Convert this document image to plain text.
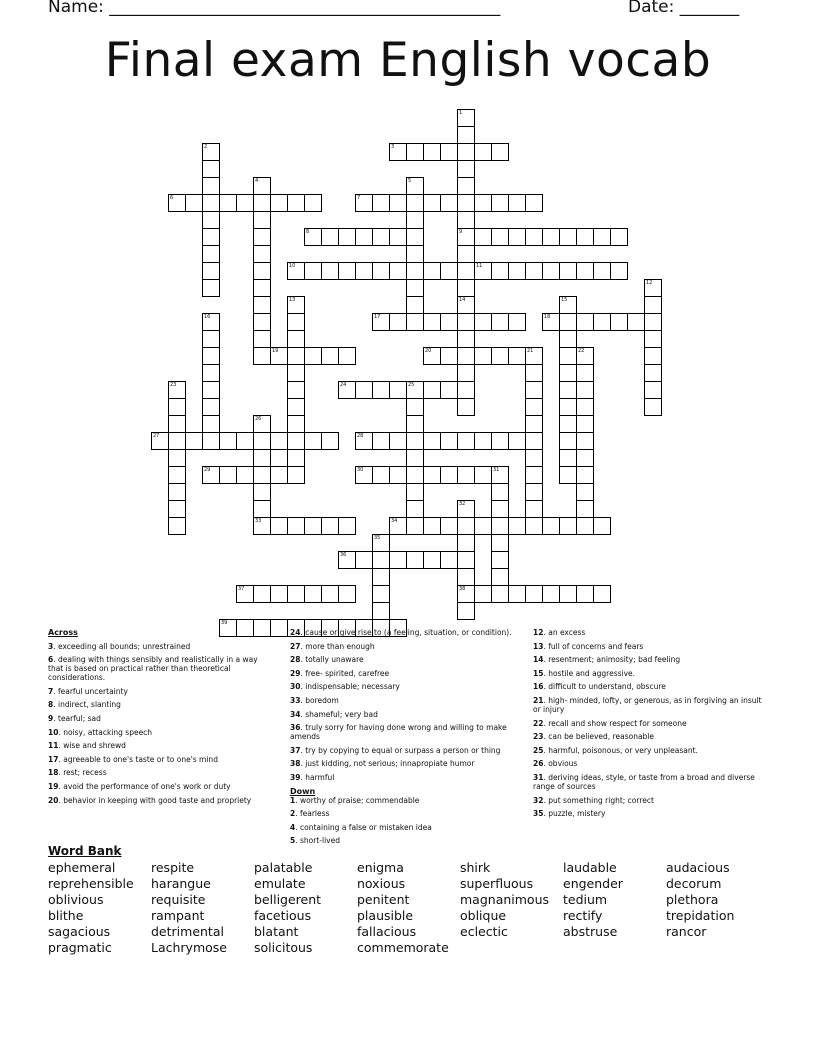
Name: ______________________________________________	Date: _______
Final exam English vocab
3
6	7
8	9
10	11
17	18
19	20	21
24	25
27	28
29	30	31
33	34
36
37	38
39
1
2
4	5
12
13	14	15
16
22
23
26
32
35
Across
3. exceeding all bounds; unrestrained
6. dealing with things sensibly and realistically in a way that is based on practical rather than theoretical considerations.
7. fearful uncertainty
8. indirect, slanting
9. tearful; sad
10. noisy, attacking speech
11. wise and shrewd
17. agreeable to one's taste or to one's mind
18. rest; recess
19. avoid the performance of one's work or duty
20. behavior in keeping with good taste and propriety
24. cause or give rise to (a feeling, situation, or condition).
27. more than enough
28. totally unaware
29. free- spirited, carefree
30. indispensable; necessary
33. boredom
34. shameful; very bad
36. truly sorry for having done wrong and willing to make amends
37. try by copying to equal or surpass a person or thing
38. just kidding, not serious; innapropiate humor
39. harmful
Down
1. worthy of praise; commendable
2. fearless
4. containing a false or mistaken idea
5. short-lived
12. an excess
13. full of concerns and fears
14. resentment; animosity; bad feeling
15. hostile and aggressive.
16. difficult to understand, obscure
21. high- minded, lofty, or generous, as in forgiving an insult or injury
22. recall and show respect for someone
23. can be believed, reasonable
25. harmful, poisonous, or very unpleasant.
26. obvious
31. deriving ideas, style, or taste from a broad and diverse range of sources
32. put something right; correct
35. puzzle, mistery
Word Bank
ephemeral
reprehensible
oblivious
blithe
sagacious
pragmatic
respite
harangue
requisite
rampant
detrimental
Lachrymose
palatable
emulate
belligerent
facetious
blatant
solicitous
enigma
noxious
penitent
plausible
fallacious
commemorate
shirk
superfluous
magnanimous
oblique
eclectic
laudable
engender
tedium
rectify
abstruse
audacious
decorum
plethora
trepidation
rancor
